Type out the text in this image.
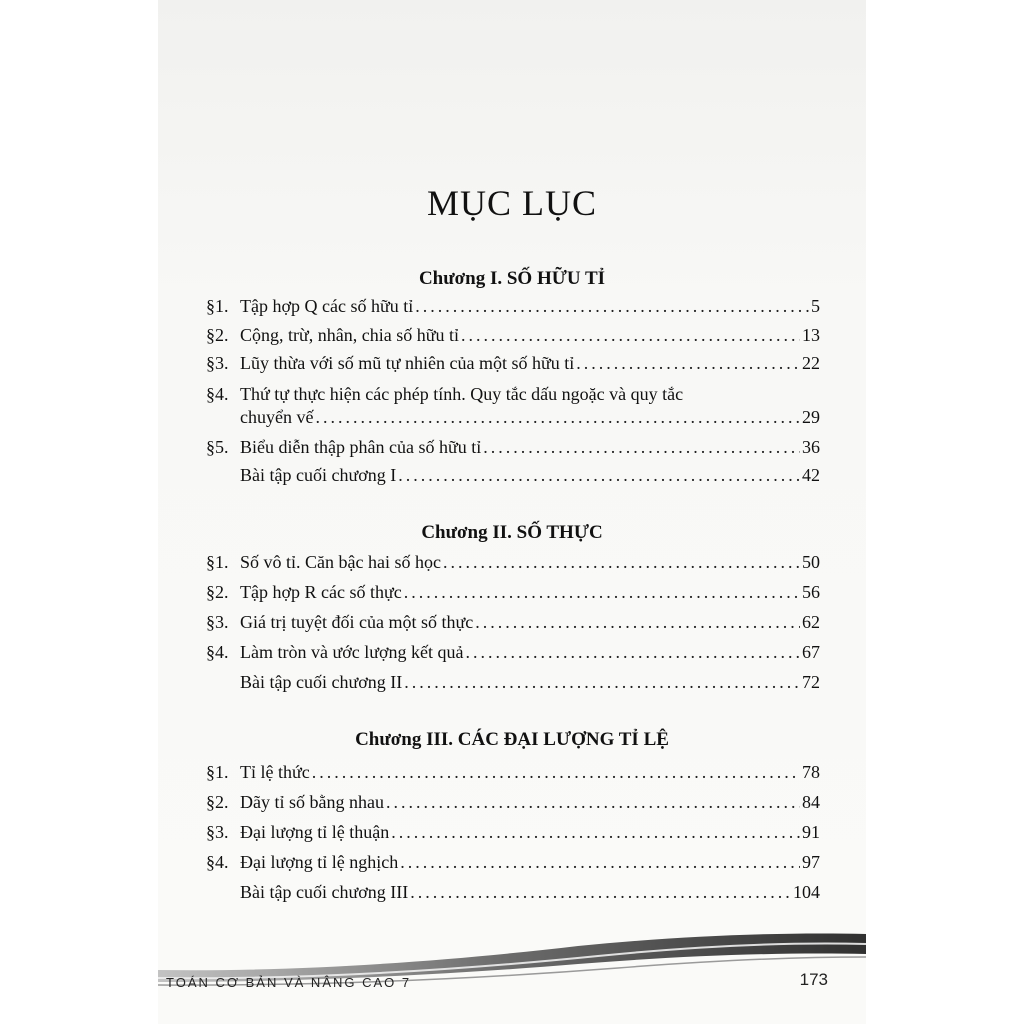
MỤC LỤC
Chương I. SỐ HỮU TỈ
§1. Tập hợp Q các số hữu tỉ .....	5
§2. Cộng, trừ, nhân, chia số hữu tỉ .....	13
§3. Lũy thừa với số mũ tự nhiên của một số hữu tỉ .....	22
§4. Thứ tự thực hiện các phép tính. Quy tắc dấu ngoặc và quy tắc
chuyển vế .....	29
§5. Biểu diễn thập phân của số hữu tỉ .....	36
Bài tập cuối chương I .....	42
Chương II. SỐ THỰC
§1. Số vô tỉ. Căn bậc hai số học .....	50
§2. Tập hợp R các số thực .....	56
§3. Giá trị tuyệt đối của một số thực .....	62
§4. Làm tròn và ước lượng kết quả .....	67
Bài tập cuối chương II .....	72
Chương III. CÁC ĐẠI LƯỢNG TỈ LỆ
§1. Tỉ lệ thức .....	78
§2. Dãy tỉ số bằng nhau .....	84
§3. Đại lượng tỉ lệ thuận .....	91
§4. Đại lượng tỉ lệ nghịch .....	97
Bài tập cuối chương III .....	104
TOÁN CƠ BẢN VÀ NÂNG CAO 7	173
